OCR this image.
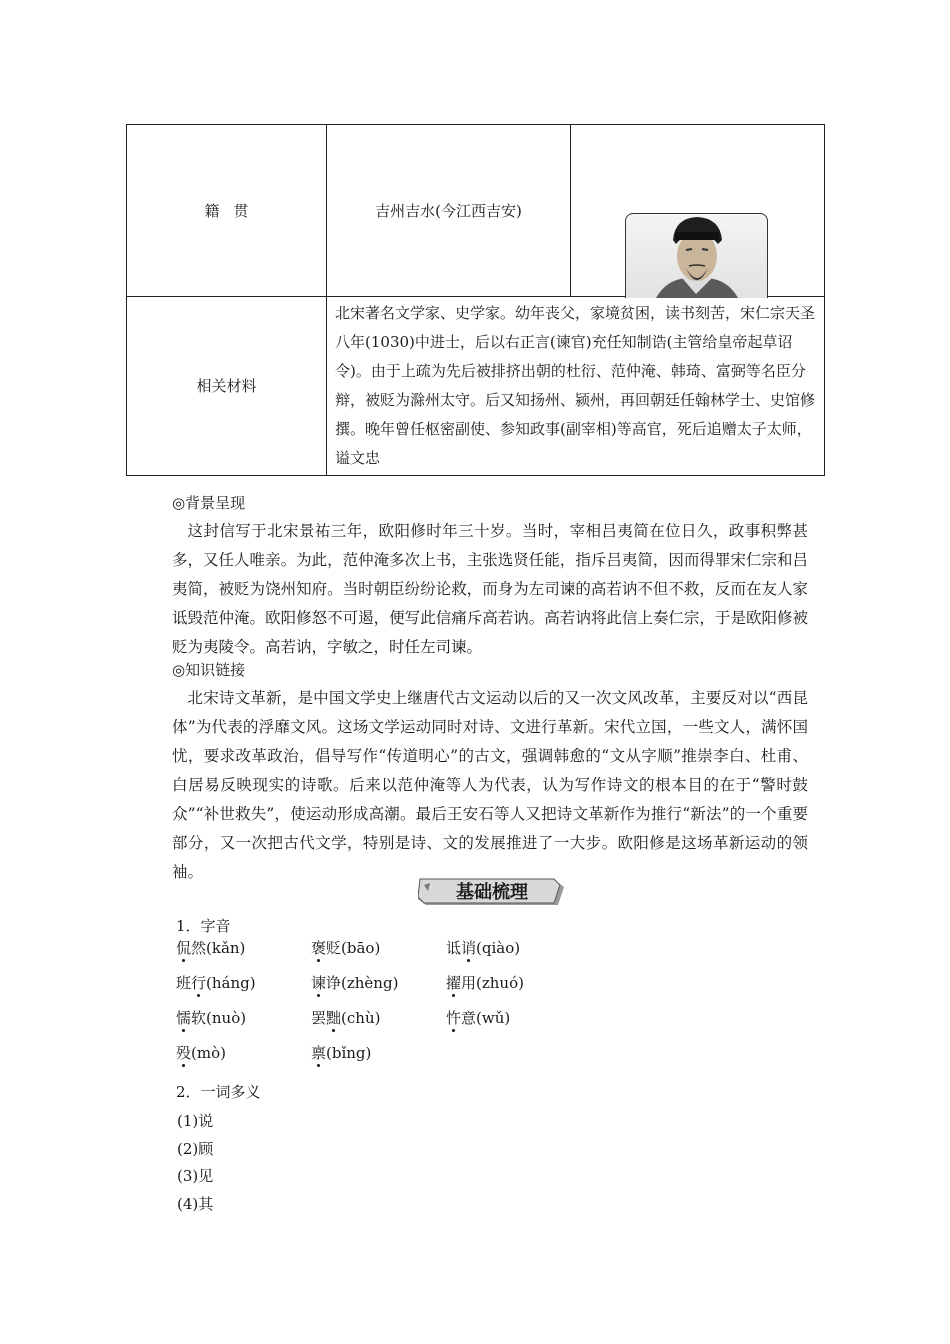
籍贯	吉州吉水(今江西吉安)	

相关材料	北宋著名文学家、史学家。幼年丧父，家境贫困，读书刻苦，宋仁宗天圣八年(1030)中进士，后以右正言(谏官)充任知制诰(主管给皇帝起草诏令)。由于上疏为先后被排挤出朝的杜衍、范仲淹、韩琦、富弼等名臣分辩，被贬为滁州太守。后又知扬州、颍州，再回朝廷任翰林学士、史馆修撰。晚年曾任枢密副使、参知政事(副宰相)等高官，死后追赠太子太师，谥文忠	
◎背景呈现

这封信写于北宋景祐三年，欧阳修时年三十岁。当时，宰相吕夷简在位日久，政事积弊甚多，又任人唯亲。为此，范仲淹多次上书，主张选贤任能，指斥吕夷简，因而得罪宋仁宗和吕夷简，被贬为饶州知府。当时朝臣纷纷论救，而身为左司谏的高若讷不但不救，反而在友人家诋毁范仲淹。欧阳修怒不可遏，便写此信痛斥高若讷。高若讷将此信上奏仁宗，于是欧阳修被贬为夷陵令。高若讷，字敏之，时任左司谏。

◎知识链接

北宋诗文革新，是中国文学史上继唐代古文运动以后的又一次文风改革，主要反对以“西昆体”为代表的浮靡文风。这场文学运动同时对诗、文进行革新。宋代立国，一些文人，满怀国忧，要求改革政治，倡导写作“传道明心”的古文，强调韩愈的“文从字顺”推崇李白、杜甫、白居易反映现实的诗歌。后来以范仲淹等人为代表，认为写作诗文的根本目的在于“警时鼓众”“补世救失”，使运动形成高潮。最后王安石等人又把诗文革新作为推行“新法”的一个重要部分，又一次把古代文学，特别是诗、文的发展推进了一大步。欧阳修是这场革新运动的领袖。

基础梳理
1．字音
侃然(kǎn)	褒贬(bāo)	诋诮(qiào)
班行(háng)	谏诤(zhèng)	擢用(zhuó)
懦软(nuò)	罢黜(chù)	忤意(wǔ)
殁(mò)	禀(bǐng)
2．一词多义
(1)说
(2)顾
(3)见
(4)其
